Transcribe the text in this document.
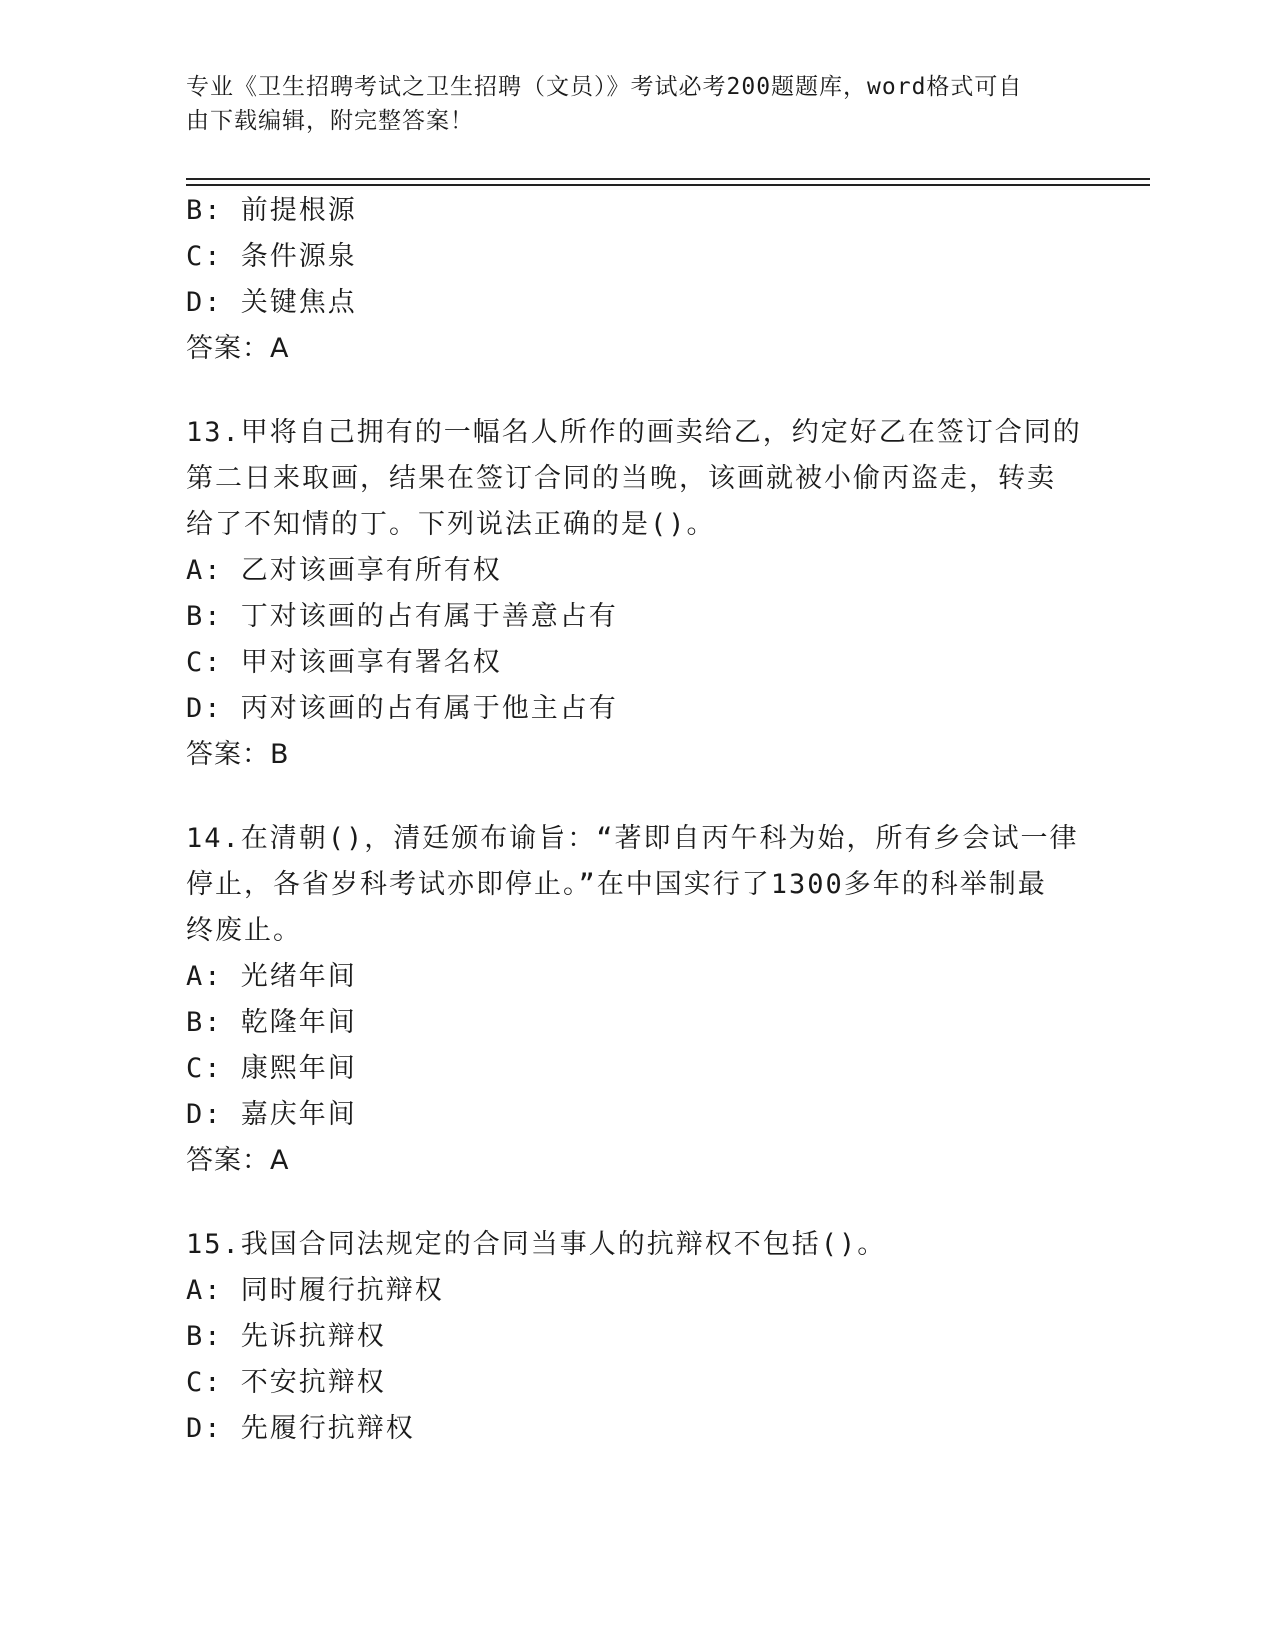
专业《卫生招聘考试之卫生招聘（文员）》考试必考200题题库，word格式可自
由下载编辑，附完整答案！
B: 前提根源
C: 条件源泉
D: 关键焦点
答案：A
13.甲将自己拥有的一幅名人所作的画卖给乙，约定好乙在签订合同的
第二日来取画，结果在签订合同的当晚，该画就被小偷丙盗走，转卖
给了不知情的丁。下列说法正确的是()。
A: 乙对该画享有所有权
B: 丁对该画的占有属于善意占有
C: 甲对该画享有署名权
D: 丙对该画的占有属于他主占有
答案：B
14.在清朝()，清廷颁布谕旨：“著即自丙午科为始，所有乡会试一律
停止，各省岁科考试亦即停止。”在中国实行了1300多年的科举制最
终废止。
A: 光绪年间
B: 乾隆年间
C: 康熙年间
D: 嘉庆年间
答案：A
15.我国合同法规定的合同当事人的抗辩权不包括()。
A: 同时履行抗辩权
B: 先诉抗辩权
C: 不安抗辩权
D: 先履行抗辩权
